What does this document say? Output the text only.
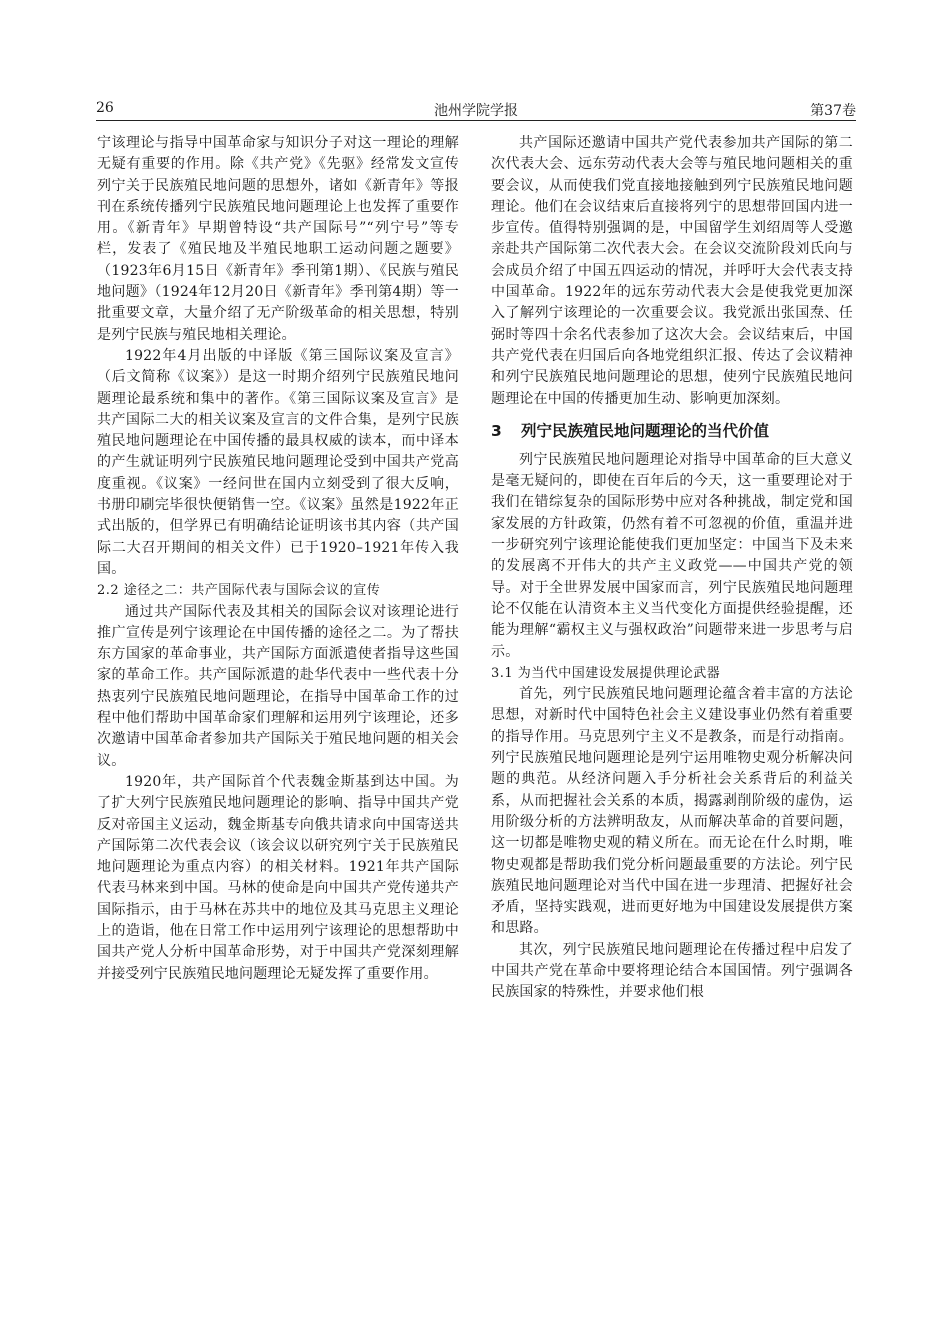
26	池州学院学报	第37卷

宁该理论与指导中国革命家与知识分子对这一理论的理解无疑有重要的作用。除《共产党》《先驱》经常发文宣传列宁关于民族殖民地问题的思想外，诸如《新青年》等报刊在系统传播列宁民族殖民地问题理论上也发挥了重要作用。《新青年》早期曾特设“共产国际号”“列宁号”等专栏，发表了《殖民地及半殖民地职工运动问题之题要》（1923年6月15日《新青年》季刊第1期）、《民族与殖民地问题》（1924年12月20日《新青年》季刊第4期）等一批重要文章，大量介绍了无产阶级革命的相关思想，特别是列宁民族与殖民地相关理论。

1922年4月出版的中译版《第三国际议案及宣言》（后文简称《议案》）是这一时期介绍列宁民族殖民地问题理论最系统和集中的著作。《第三国际议案及宣言》是共产国际二大的相关议案及宣言的文件合集，是列宁民族殖民地问题理论在中国传播的最具权威的读本，而中译本的产生就证明列宁民族殖民地问题理论受到中国共产党高度重视。《议案》一经问世在国内立刻受到了很大反响，书册印刷完毕很快便销售一空。《议案》虽然是1922年正式出版的，但学界已有明确结论证明该书其内容（共产国际二大召开期间的相关文件）已于1920–1921年传入我国。

2.2 途径之二：共产国际代表与国际会议的宣传

通过共产国际代表及其相关的国际会议对该理论进行推广宣传是列宁该理论在中国传播的途径之二。为了帮扶东方国家的革命事业，共产国际方面派遣使者指导这些国家的革命工作。共产国际派遣的赴华代表中一些代表十分热衷列宁民族殖民地问题理论，在指导中国革命工作的过程中他们帮助中国革命家们理解和运用列宁该理论，还多次邀请中国革命者参加共产国际关于殖民地问题的相关会议。

1920年，共产国际首个代表魏金斯基到达中国。为了扩大列宁民族殖民地问题理论的影响、指导中国共产党反对帝国主义运动，魏金斯基专向俄共请求向中国寄送共产国际第二次代表会议（该会议以研究列宁关于民族殖民地问题理论为重点内容）的相关材料。1921年共产国际代表马林来到中国。马林的使命是向中国共产党传递共产国际指示，由于马林在苏共中的地位及其马克思主义理论上的造诣，他在日常工作中运用列宁该理论的思想帮助中国共产党人分析中国革命形势，对于中国共产党深刻理解并接受列宁民族殖民地问题理论无疑发挥了重要作用。

共产国际还邀请中国共产党代表参加共产国际的第二次代表大会、远东劳动代表大会等与殖民地问题相关的重要会议，从而使我们党直接地接触到列宁民族殖民地问题理论。他们在会议结束后直接将列宁的思想带回国内进一步宣传。值得特别强调的是，中国留学生刘绍周等人受邀亲赴共产国际第二次代表大会。在会议交流阶段刘氏向与会成员介绍了中国五四运动的情况，并呼吁大会代表支持中国革命。1922年的远东劳动代表大会是使我党更加深入了解列宁该理论的一次重要会议。我党派出张国焘、任弼时等四十余名代表参加了这次大会。会议结束后，中国共产党代表在归国后向各地党组织汇报、传达了会议精神和列宁民族殖民地问题理论的思想，使列宁民族殖民地问题理论在中国的传播更加生动、影响更加深刻。

3 列宁民族殖民地问题理论的当代价值

列宁民族殖民地问题理论对指导中国革命的巨大意义是毫无疑问的，即使在百年后的今天，这一重要理论对于我们在错综复杂的国际形势中应对各种挑战，制定党和国家发展的方针政策，仍然有着不可忽视的价值，重温并进一步研究列宁该理论能使我们更加坚定：中国当下及未来的发展离不开伟大的共产主义政党——中国共产党的领导。对于全世界发展中国家而言，列宁民族殖民地问题理论不仅能在认清资本主义当代变化方面提供经验提醒，还能为理解“霸权主义与强权政治”问题带来进一步思考与启示。

3.1 为当代中国建设发展提供理论武器

首先，列宁民族殖民地问题理论蕴含着丰富的方法论思想，对新时代中国特色社会主义建设事业仍然有着重要的指导作用。马克思列宁主义不是教条，而是行动指南。列宁民族殖民地问题理论是列宁运用唯物史观分析解决问题的典范。从经济问题入手分析社会关系背后的利益关系，从而把握社会关系的本质，揭露剥削阶级的虚伪，运用阶级分析的方法辨明敌友，从而解决革命的首要问题，这一切都是唯物史观的精义所在。而无论在什么时期，唯物史观都是帮助我们党分析问题最重要的方法论。列宁民族殖民地问题理论对当代中国在进一步理清、把握好社会矛盾，坚持实践观，进而更好地为中国建设发展提供方案和思路。

其次，列宁民族殖民地问题理论在传播过程中启发了中国共产党在革命中要将理论结合本国国情。列宁强调各民族国家的特殊性，并要求他们根
